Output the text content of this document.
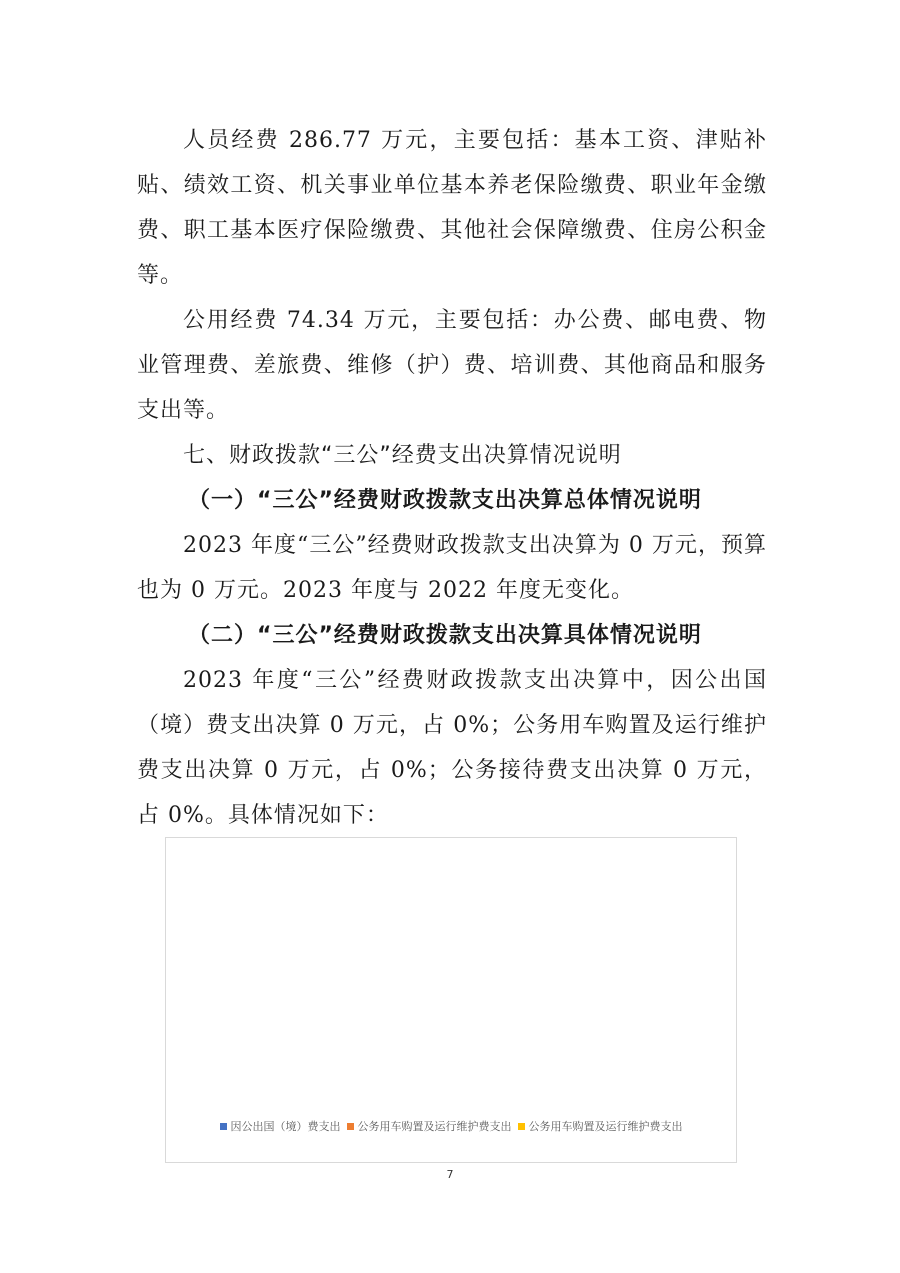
人员经费 286.77 万元，主要包括：基本工资、津贴补贴、绩效工资、机关事业单位基本养老保险缴费、职业年金缴费、职工基本医疗保险缴费、其他社会保障缴费、住房公积金等。

公用经费 74.34 万元，主要包括：办公费、邮电费、物业管理费、差旅费、维修（护）费、培训费、其他商品和服务支出等。

七、财政拨款“三公”经费支出决算情况说明

（一）“三公”经费财政拨款支出决算总体情况说明

2023 年度“三公”经费财政拨款支出决算为 0 万元，预算也为 0 万元。2023 年度与 2022 年度无变化。

（二）“三公”经费财政拨款支出决算具体情况说明

2023 年度“三公”经费财政拨款支出决算中，因公出国（境）费支出决算 0 万元，占 0%；公务用车购置及运行维护费支出决算 0 万元，占 0%；公务接待费支出决算 0 万元，占 0%。具体情况如下：

因公出国（境）费支出 公务用车购置及运行维护费支出 公务用车购置及运行维护费支出
7
